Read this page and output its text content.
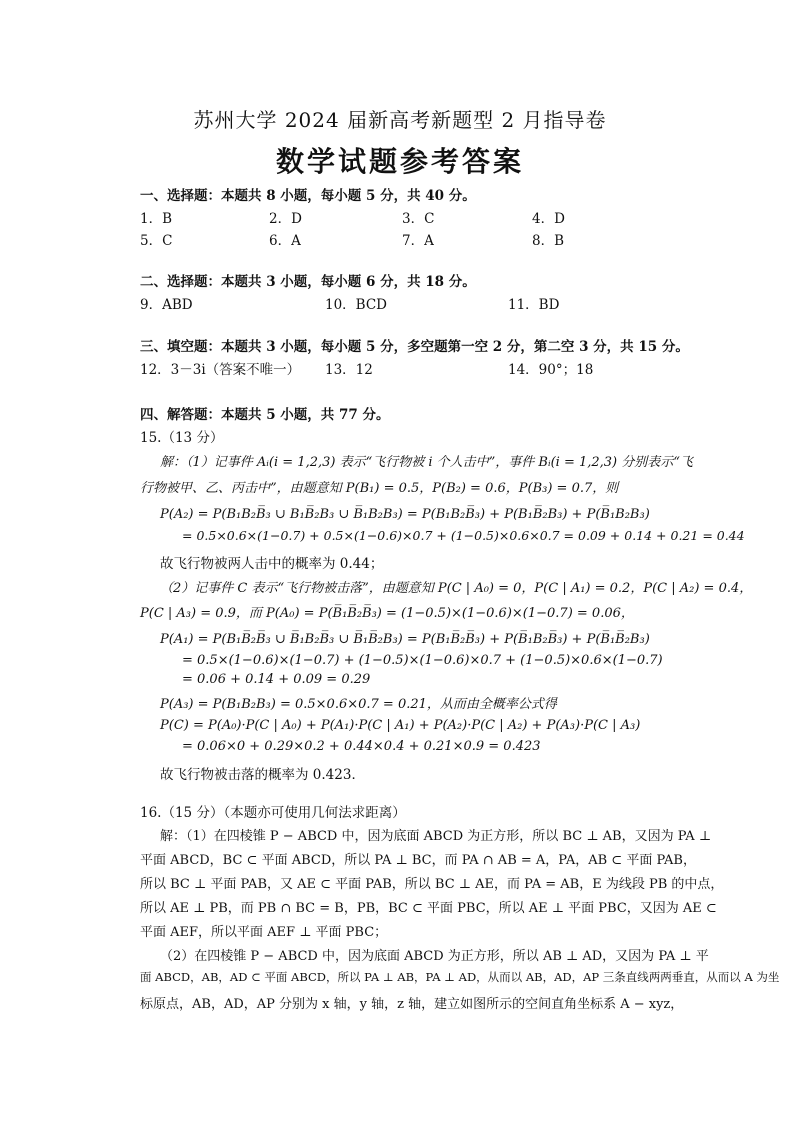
苏州大学 2024 届新高考新题型 2 月指导卷
数学试题参考答案
一、选择题：本题共 8 小题，每小题 5 分，共 40 分。
1．B	2．D	3．C	4．D
5．C	6．A	7．A	8．B
二、选择题：本题共 3 小题，每小题 6 分，共 18 分。
9．ABD	10．BCD	11．BD
三、填空题：本题共 3 小题，每小题 5 分，多空题第一空 2 分，第二空 3 分，共 15 分。
12．3－3i（答案不唯一） 13．12	14．90°；18
四、解答题：本题共 5 小题，共 77 分。
15.（13 分）
解：（1）记事件 Aᵢ(i = 1,2,3) 表示“飞行物被 i 个人击中”，事件 Bᵢ(i = 1,2,3) 分别表示“飞
行物被甲、乙、丙击中”，由题意知 P(B₁) = 0.5，P(B₂) = 0.6，P(B₃) = 0.7，则
P(A₂) = P(B₁B₂B̅₃ ∪ B₁B̅₂B₃ ∪ B̅₁B₂B₃) = P(B₁B₂B̅₃) + P(B₁B̅₂B₃) + P(B̅₁B₂B₃)
= 0.5×0.6×(1−0.7) + 0.5×(1−0.6)×0.7 + (1−0.5)×0.6×0.7 = 0.09 + 0.14 + 0.21 = 0.44
故飞行物被两人击中的概率为 0.44；
（2）记事件 C 表示“飞行物被击落”，由题意知 P(C | A₀) = 0，P(C | A₁) = 0.2，P(C | A₂) = 0.4，
P(C | A₃) = 0.9，而 P(A₀) = P(B̅₁B̅₂B̅₃) = (1−0.5)×(1−0.6)×(1−0.7) = 0.06，
P(A₁) = P(B₁B̅₂B̅₃ ∪ B̅₁B₂B̅₃ ∪ B̅₁B̅₂B₃) = P(B₁B̅₂B̅₃) + P(B̅₁B₂B̅₃) + P(B̅₁B̅₂B₃)
= 0.5×(1−0.6)×(1−0.7) + (1−0.5)×(1−0.6)×0.7 + (1−0.5)×0.6×(1−0.7)
= 0.06 + 0.14 + 0.09 = 0.29
P(A₃) = P(B₁B₂B₃) = 0.5×0.6×0.7 = 0.21，从而由全概率公式得
P(C) = P(A₀)·P(C | A₀) + P(A₁)·P(C | A₁) + P(A₂)·P(C | A₂) + P(A₃)·P(C | A₃)
= 0.06×0 + 0.29×0.2 + 0.44×0.4 + 0.21×0.9 = 0.423
故飞行物被击落的概率为 0.423．
16.（15 分）（本题亦可使用几何法求距离）
解：（1）在四棱锥 P − ABCD 中，因为底面 ABCD 为正方形，所以 BC ⊥ AB，又因为 PA ⊥
平面 ABCD，BC ⊂ 平面 ABCD，所以 PA ⊥ BC，而 PA ∩ AB = A，PA，AB ⊂ 平面 PAB，
所以 BC ⊥ 平面 PAB，又 AE ⊂ 平面 PAB，所以 BC ⊥ AE，而 PA = AB，E 为线段 PB 的中点，
所以 AE ⊥ PB，而 PB ∩ BC = B，PB，BC ⊂ 平面 PBC，所以 AE ⊥ 平面 PBC，又因为 AE ⊂
平面 AEF，所以平面 AEF ⊥ 平面 PBC；
（2）在四棱锥 P − ABCD 中，因为底面 ABCD 为正方形，所以 AB ⊥ AD，又因为 PA ⊥ 平
面 ABCD，AB，AD ⊂ 平面 ABCD，所以 PA ⊥ AB，PA ⊥ AD，从而以 AB，AD，AP 三条直线两两垂直，从而以 A 为坐
标原点，AB，AD，AP 分别为 x 轴，y 轴，z 轴，建立如图所示的空间直角坐标系 A − xyz，
